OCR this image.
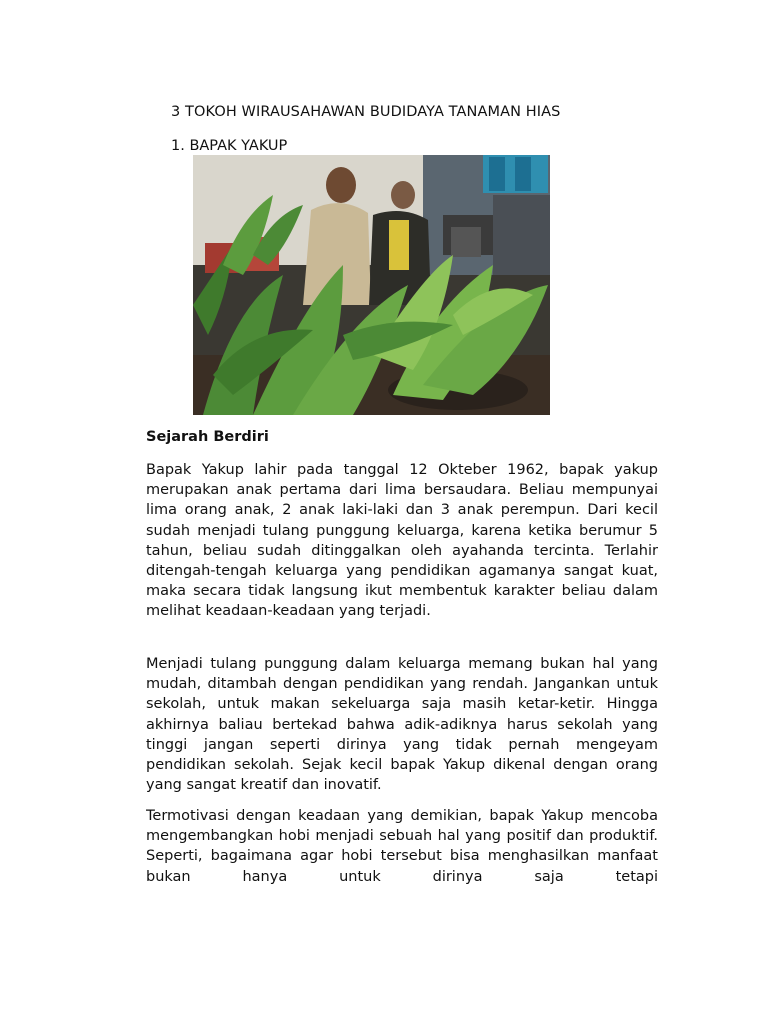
3 TOKOH WIRAUSAHAWAN BUDIDAYA TANAMAN HIAS
1. BAPAK YAKUP
Sejarah Berdiri

Bapak Yakup lahir pada tanggal 12 Okteber 1962, bapak yakup merupakan anak pertama dari lima bersaudara. Beliau mempunyai lima orang anak, 2 anak laki-laki dan 3 anak perempun. Dari kecil sudah menjadi tulang punggung keluarga, karena ketika berumur 5 tahun, beliau sudah ditinggalkan oleh ayahanda tercinta. Terlahir ditengah-tengah keluarga yang pendidikan agamanya sangat kuat, maka secara tidak langsung ikut membentuk karakter beliau dalam melihat keadaan-keadaan yang terjadi.

Menjadi tulang punggung dalam keluarga memang bukan hal yang mudah, ditambah dengan pendidikan yang rendah. Jangankan untuk sekolah, untuk makan sekeluarga saja masih ketar-ketir. Hingga akhirnya baliau bertekad bahwa adik-adiknya harus sekolah yang tinggi jangan seperti dirinya yang tidak pernah mengeyam pendidikan sekolah. Sejak kecil bapak Yakup dikenal dengan orang yang sangat kreatif dan inovatif.

Termotivasi dengan keadaan yang demikian, bapak Yakup mencoba mengembangkan hobi menjadi sebuah hal yang positif dan produktif. Seperti, bagaimana agar hobi tersebut bisa menghasilkan manfaat bukan hanya untuk dirinya saja tetapi
